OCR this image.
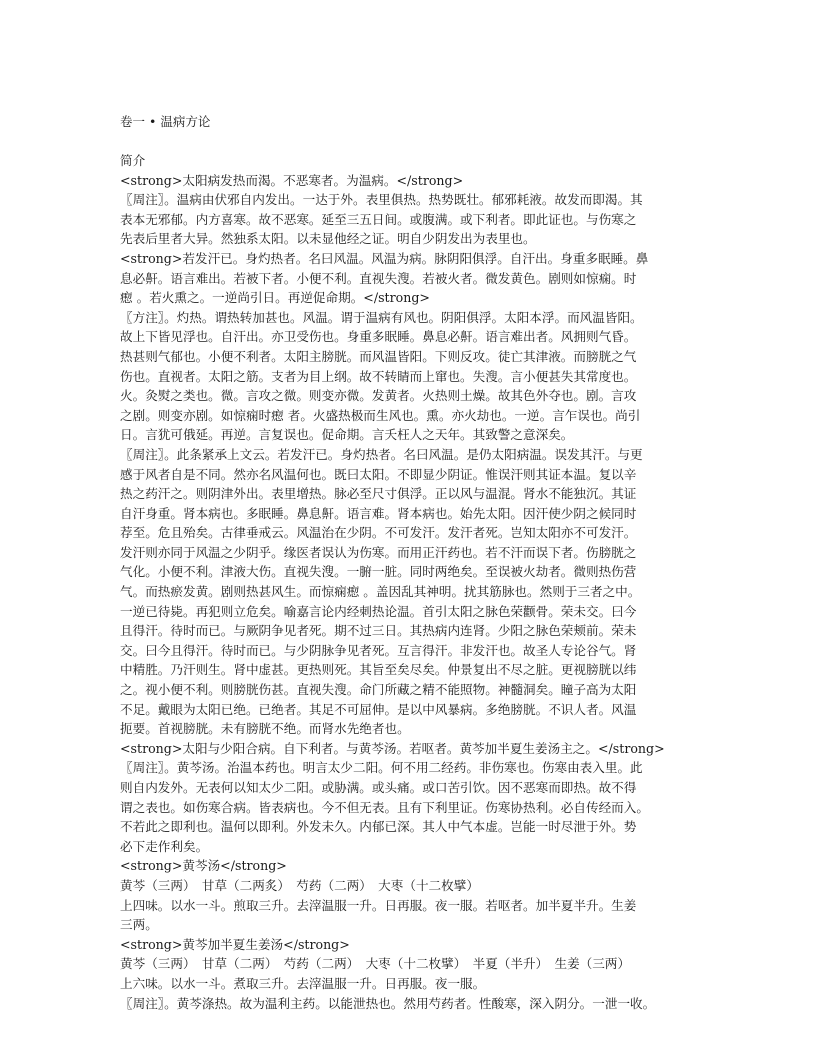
卷一 • 温病方论

简介

<strong>太阳病发热而渴。不恶寒者。为温病。</strong>

〖周注〗。温病由伏邪自内发出。一达于外。表里俱热。热势既壮。郁邪耗液。故发而即渴。其

表本无邪郁。内方喜寒。故不恶寒。延至三五日间。或腹满。或下利者。即此证也。与伤寒之

先表后里者大异。然独系太阳。以未显他经之证。明自少阴发出为表里也。

<strong>若发汗已。身灼热者。名曰风温。风温为病。脉阴阳俱浮。自汗出。身重多眠睡。鼻

息必鼾。语言难出。若被下者。小便不利。直视失溲。若被火者。微发黄色。剧则如惊痫。时

瘛 。若火熏之。一逆尚引日。再逆促命期。</strong>

〖方注〗。灼热。谓热转加甚也。风温。谓于温病有风也。阴阳俱浮。太阳本浮。而风温皆阳。

故上下皆见浮也。自汗出。亦卫受伤也。身重多眠睡。鼻息必鼾。语言难出者。风拥则气昏。

热甚则气郁也。小便不利者。太阳主膀胱。而风温皆阳。下则反攻。徒亡其津液。而膀胱之气

伤也。直视者。太阳之筋。支者为目上纲。故不转睛而上窜也。失溲。言小便甚失其常度也。

火。灸熨之类也。微。言攻之微。则变亦微。发黄者。火热则土燥。故其色外夺也。剧。言攻

之剧。则变亦剧。如惊痫时瘛 者。火盛热极而生风也。熏。亦火劫也。一逆。言乍误也。尚引

日。言犹可俄延。再逆。言复误也。促命期。言夭枉人之天年。其致警之意深矣。

〖周注〗。此条紧承上文云。若发汗已。身灼热者。名曰风温。是仍太阳病温。误发其汗。与更

感于风者自是不同。然亦名风温何也。既曰太阳。不即显少阴证。惟误汗则其证本温。复以辛

热之药汗之。则阴津外出。表里增热。脉必至尺寸俱浮。正以风与温混。肾水不能独沉。其证

自汗身重。肾本病也。多眠睡。鼻息鼾。语言难。肾本病也。始先太阳。因汗使少阴之候同时

荐至。危且殆矣。古律垂戒云。风温治在少阴。不可发汗。发汗者死。岂知太阳亦不可发汗。

发汗则亦同于风温之少阴乎。缘医者误认为伤寒。而用正汗药也。若不汗而误下者。伤膀胱之

气化。小便不利。津液大伤。直视失溲。一腑一脏。同时两绝矣。至误被火劫者。微则热伤营

气。而热瘀发黄。剧则热甚风生。而惊痫瘛 。盖因乱其神明。扰其筋脉也。然则于三者之中。

一逆已待毙。再犯则立危矣。喻嘉言论内经刺热论温。首引太阳之脉色荣颧骨。荣未交。曰今

且得汗。待时而已。与厥阴争见者死。期不过三日。其热病内连肾。少阳之脉色荣颊前。荣未

交。曰今且得汗。待时而已。与少阴脉争见者死。互言得汗。非发汗也。故圣人专论谷气。肾

中精胜。乃汗则生。肾中虚甚。更热则死。其旨至矣尽矣。仲景复出不尽之脏。更视膀胱以纬

之。视小便不利。则膀胱伤甚。直视失溲。命门所藏之精不能照物。神髓洞矣。瞳子高为太阳

不足。戴眼为太阳已绝。已绝者。其足不可屈伸。是以中风暴病。多绝膀胱。不识人者。风温

扼要。首视膀胱。未有膀胱不绝。而肾水先绝者也。

<strong>太阳与少阳合病。自下利者。与黄芩汤。若呕者。黄芩加半夏生姜汤主之。</strong>

〖周注〗。黄芩汤。治温本药也。明言太少二阳。何不用二经药。非伤寒也。伤寒由表入里。此

则自内发外。无表何以知太少二阳。或胁满。或头痛。或口苦引饮。因不恶寒而即热。故不得

谓之表也。如伤寒合病。皆表病也。今不但无表。且有下利里证。伤寒协热利。必自传经而入。

不若此之即利也。温何以即利。外发未久。内郁已深。其人中气本虚。岂能一时尽泄于外。势

必下走作利矣。

<strong>黄芩汤</strong>

黄芩（三两）　甘草（二两炙）　芍药（二两）　大枣（十二枚擘）

上四味。以水一斗。煎取三升。去滓温服一升。日再服。夜一服。若呕者。加半夏半升。生姜

三两。

<strong>黄芩加半夏生姜汤</strong>

黄芩（三两）　甘草（二两）　芍药（二两）　大枣（十二枚擘）　半夏（半升）　生姜（三两）

上六味。以水一斗。煮取三升。去滓温服一升。日再服。夜一服。

〖周注〗。黄芩涤热。故为温利主药。以能泄热也。然用芍药者。性酸寒，深入阴分。一泄一收。
